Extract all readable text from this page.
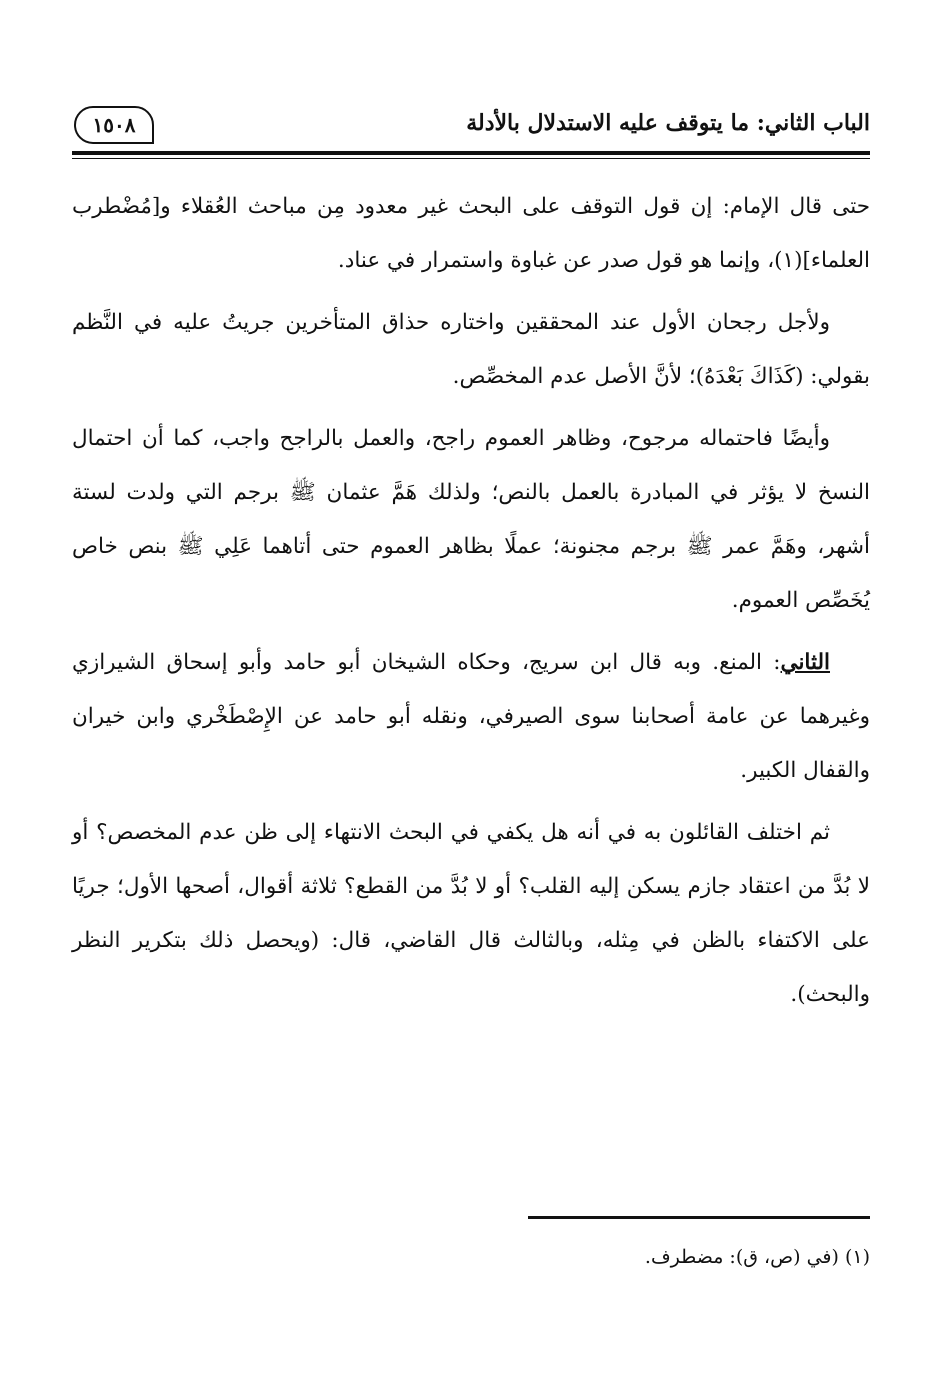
الباب الثاني: ما يتوقف عليه الاستدلال بالأدلة
١٥٠٨

حتى قال الإمام: إن قول التوقف على البحث غير معدود مِن مباحث العُقلاء و[مُضْطرب العلماء](١)، وإنما هو قول صدر عن غباوة واستمرار في عناد.

ولأجل رجحان الأول عند المحققين واختاره حذاق المتأخرين جريتُ عليه في النَّظم بقولي: (كَذَاكَ بَعْدَهُ)؛ لأنَّ الأصل عدم المخصِّص.

وأيضًا فاحتماله مرجوح، وظاهر العموم راجح، والعمل بالراجح واجب، كما أن احتمال النسخ لا يؤثر في المبادرة بالعمل بالنص؛ ولذلك هَمَّ عثمان ﷺ برجم التي ولدت لستة أشهر، وهَمَّ عمر ﷺ برجم مجنونة؛ عملًا بظاهر العموم حتى أتاهما عَلِي ﷺ بنص خاص يُخَصِّص العموم.

الثاني: المنع. وبه قال ابن سريج، وحكاه الشيخان أبو حامد وأبو إسحاق الشيرازي وغيرهما عن عامة أصحابنا سوى الصيرفي، ونقله أبو حامد عن الإِصْطَخْري وابن خيران والقفال الكبير.

ثم اختلف القائلون به في أنه هل يكفي في البحث الانتهاء إلى ظن عدم المخصص؟ أو لا بُدَّ من اعتقاد جازم يسكن إليه القلب؟ أو لا بُدَّ من القطع؟ ثلاثة أقوال، أصحها الأول؛ جريًا على الاكتفاء بالظن في مِثله، وبالثالث قال القاضي، قال: (ويحصل ذلك بتكرير النظر والبحث).

(١) (في (ص، ق): مضطرف.
